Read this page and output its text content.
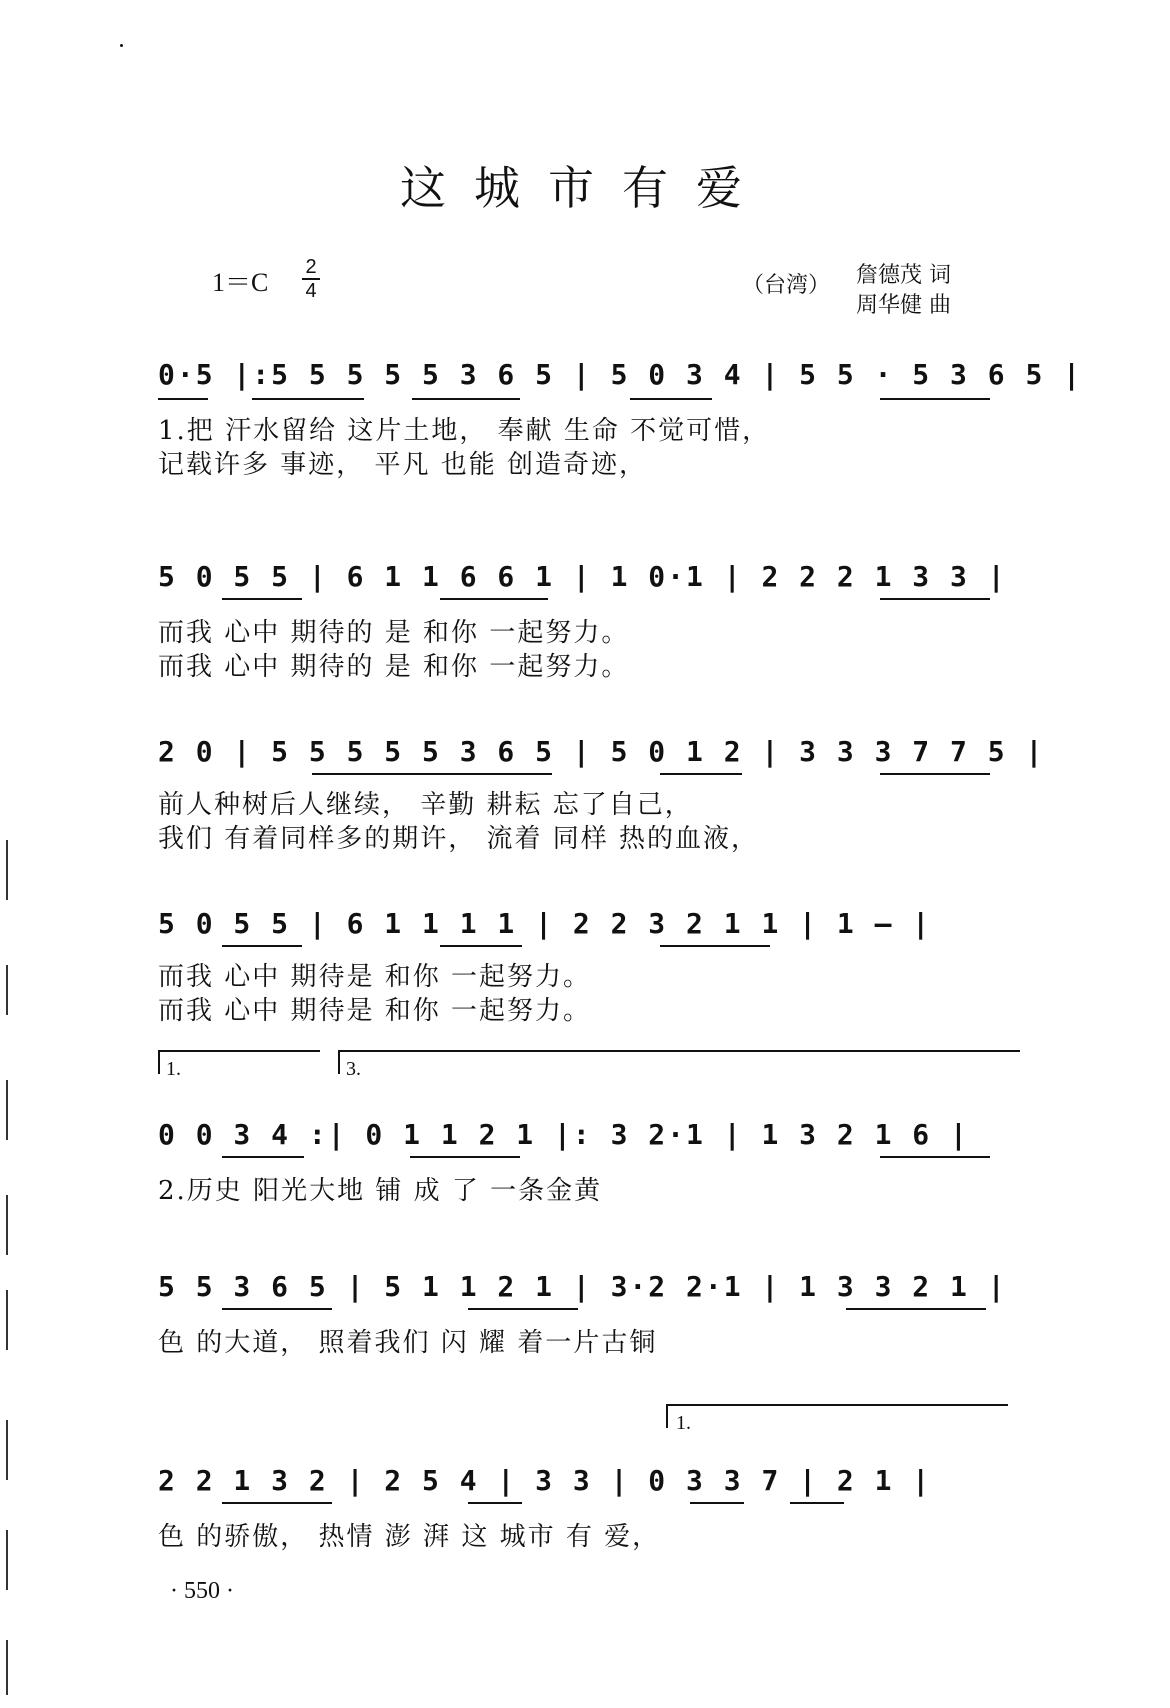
这城市有爱
1＝C
2
4	（台湾） 詹德茂 词
周华健 曲
0·5 |:5 5 5 5 5 3 6 5 | 5 0 3 4 | 5 5 · 5 3 6 5 |
1.把 汗水留给 这片土地， 奉献 生命 不觉可惜，
记载许多 事迹， 平凡 也能 创造奇迹，
5 0 5 5 | 6 1 1 6 6 1 | 1 0·1 | 2 2 2 1 3 3 |
而我 心中 期待的 是 和你 一起努力。
而我 心中 期待的 是 和你 一起努力。
2 0 | 5 5 5 5 5 3 6 5 | 5 0 1 2 | 3 3 3 7 7 5 |
前人种树后人继续， 辛勤 耕耘 忘了自己，
我们 有着同样多的期许， 流着 同样 热的血液，
5 0 5 5 | 6 1 1 1 1 | 2 2 3 2 1 1 | 1 — |
而我 心中 期待是 和你 一起努力。
而我 心中 期待是 和你 一起努力。
1.	3.
0 0 3 4 :| 0 1 1 2 1 |: 3 2·1 | 1 3 2 1 6 |
2.历史 阳光大地 铺 成 了 一条金黄
5 5 3 6 5 | 5 1 1 2 1 | 3·2 2·1 | 1 3 3 2 1 |
色 的大道， 照着我们 闪 耀 着一片古铜
1.
2 2 1 3 2 | 2 5 4 | 3 3 | 0 3 3 7 | 2 1 |
色 的骄傲， 热情 澎 湃 这 城市 有 爱，
· 550 ·
